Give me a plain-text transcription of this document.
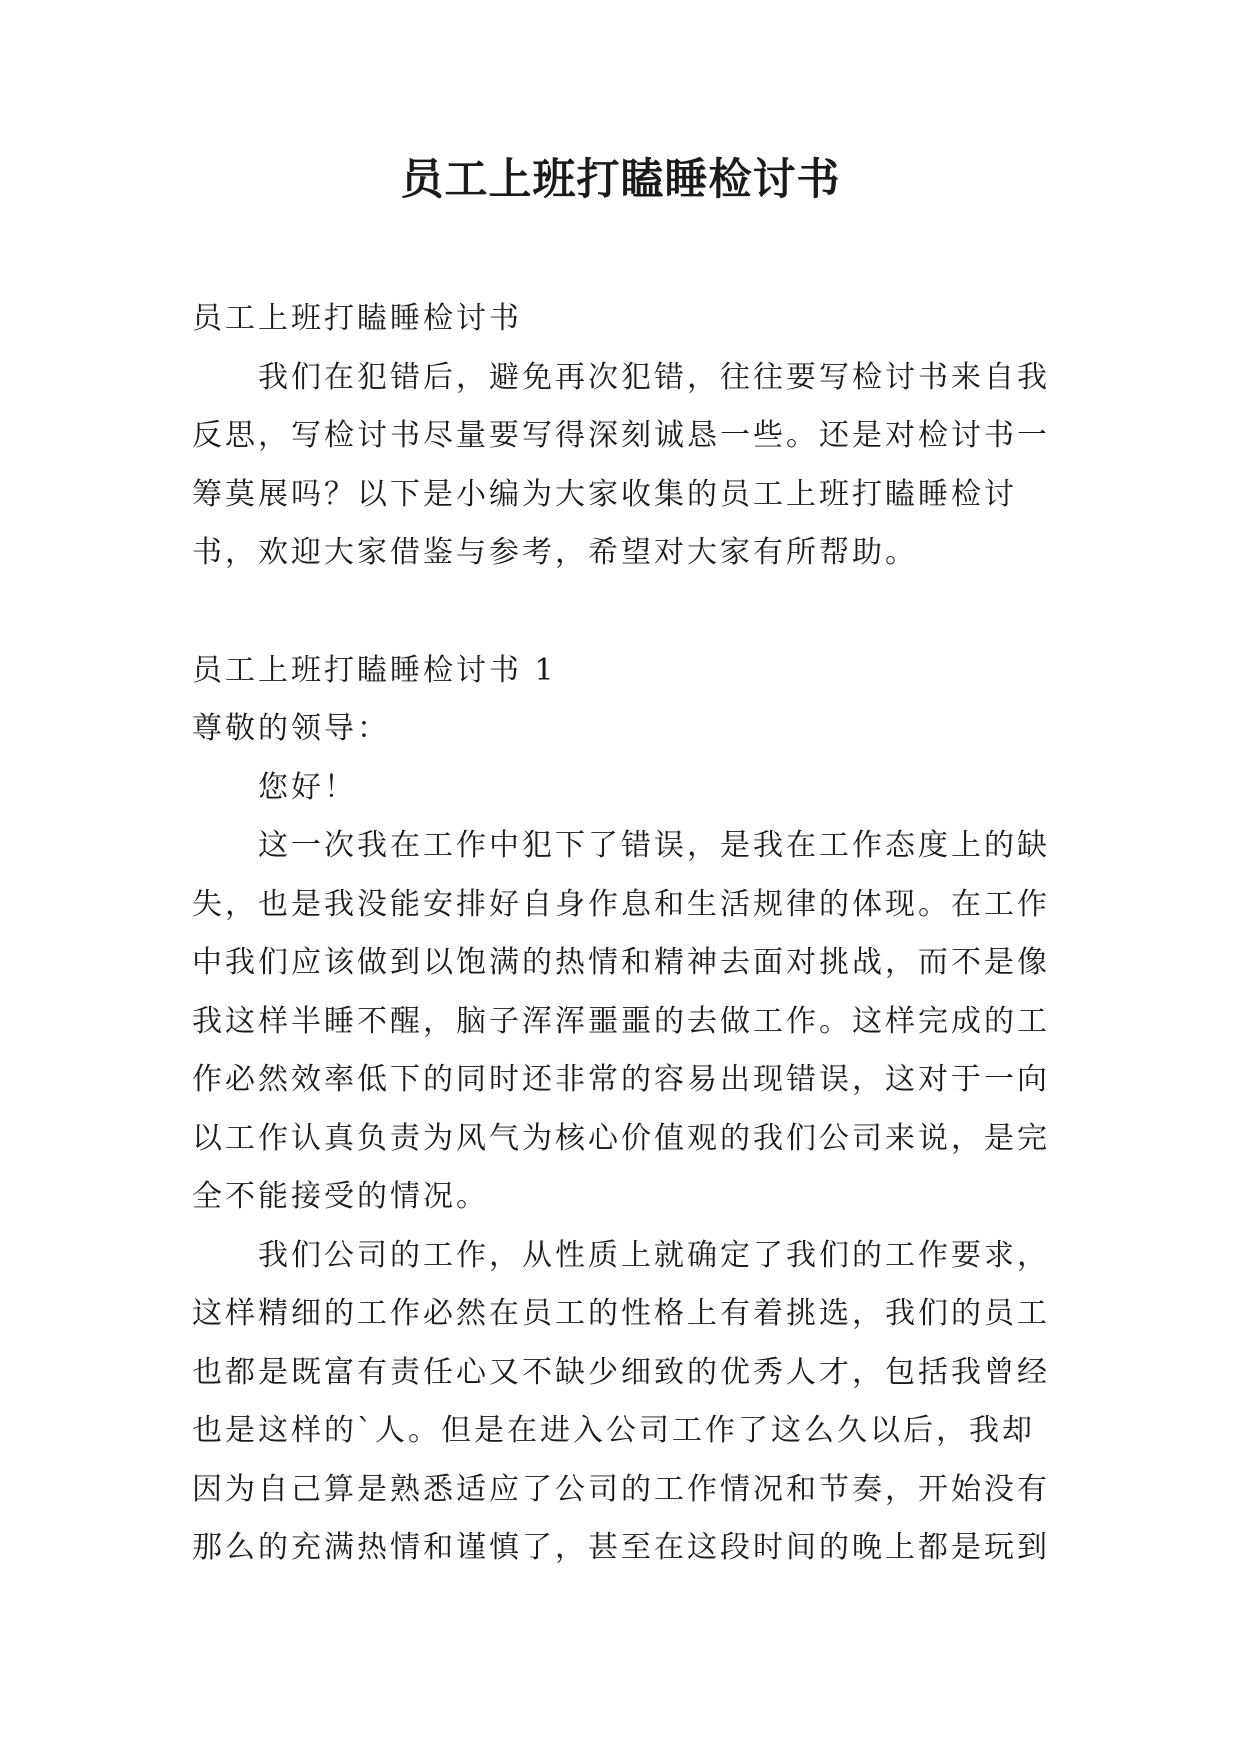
员工上班打瞌睡检讨书
员工上班打瞌睡检讨书
我们在犯错后，避免再次犯错，往往要写检讨书来自我
反思，写检讨书尽量要写得深刻诚恳一些。还是对检讨书一
筹莫展吗？以下是小编为大家收集的员工上班打瞌睡检讨
书，欢迎大家借鉴与参考，希望对大家有所帮助。
员工上班打瞌睡检讨书 1
尊敬的领导：
您好！
这一次我在工作中犯下了错误，是我在工作态度上的缺
失，也是我没能安排好自身作息和生活规律的体现。在工作
中我们应该做到以饱满的热情和精神去面对挑战，而不是像
我这样半睡不醒，脑子浑浑噩噩的去做工作。这样完成的工
作必然效率低下的同时还非常的容易出现错误，这对于一向
以工作认真负责为风气为核心价值观的我们公司来说，是完
全不能接受的情况。
我们公司的工作，从性质上就确定了我们的工作要求，
这样精细的工作必然在员工的性格上有着挑选，我们的员工
也都是既富有责任心又不缺少细致的优秀人才，包括我曾经
也是这样的`人。但是在进入公司工作了这么久以后，我却
因为自己算是熟悉适应了公司的工作情况和节奏，开始没有
那么的充满热情和谨慎了，甚至在这段时间的晚上都是玩到
